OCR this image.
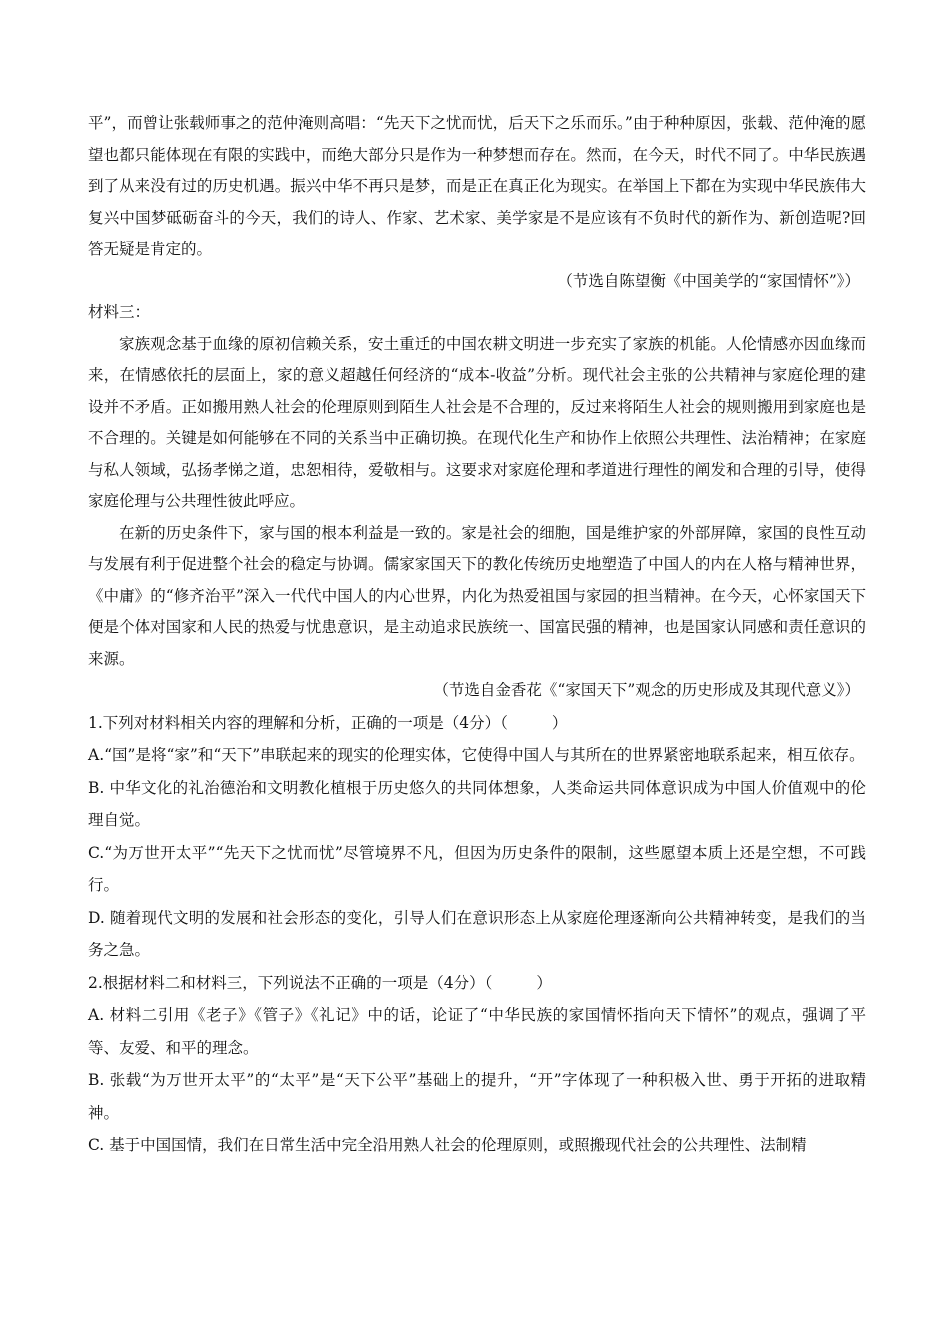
平”，而曾让张载师事之的范仲淹则高唱：“先天下之忧而忧，后天下之乐而乐。”由于种种原因，张载、范仲淹的愿望也都只能体现在有限的实践中，而绝大部分只是作为一种梦想而存在。然而，在今天，时代不同了。中华民族遇到了从来没有过的历史机遇。振兴中华不再只是梦，而是正在真正化为现实。在举国上下都在为实现中华民族伟大复兴中国梦砥砺奋斗的今天，我们的诗人、作家、艺术家、美学家是不是应该有不负时代的新作为、新创造呢?回答无疑是肯定的。

（节选自陈望衡《中国美学的“家国情怀”》）

材料三：

家族观念基于血缘的原初信赖关系，安土重迁的中国农耕文明进一步充实了家族的机能。人伦情感亦因血缘而来，在情感依托的层面上，家的意义超越任何经济的“成本-收益”分析。现代社会主张的公共精神与家庭伦理的建设并不矛盾。正如搬用熟人社会的伦理原则到陌生人社会是不合理的，反过来将陌生人社会的规则搬用到家庭也是不合理的。关键是如何能够在不同的关系当中正确切换。在现代化生产和协作上依照公共理性、法治精神；在家庭与私人领域，弘扬孝悌之道，忠恕相待，爱敬相与。这要求对家庭伦理和孝道进行理性的阐发和合理的引导，使得家庭伦理与公共理性彼此呼应。

在新的历史条件下，家与国的根本利益是一致的。家是社会的细胞，国是维护家的外部屏障，家国的良性互动与发展有利于促进整个社会的稳定与协调。儒家家国天下的教化传统历史地塑造了中国人的内在人格与精神世界，《中庸》的“修齐治平”深入一代代中国人的内心世界，内化为热爱祖国与家园的担当精神。在今天，心怀家国天下便是个体对国家和人民的热爱与忧患意识，是主动追求民族统一、国富民强的精神，也是国家认同感和责任意识的来源。

（节选自金香花《“家国天下”观念的历史形成及其现代意义》）

1.下列对材料相关内容的理解和分析，正确的一项是（4分）（	）

A.“国”是将“家”和“天下”串联起来的现实的伦理实体，它使得中国人与其所在的世界紧密地联系起来，相互依存。

B. 中华文化的礼治德治和文明教化植根于历史悠久的共同体想象，人类命运共同体意识成为中国人价值观中的伦理自觉。

C.“为万世开太平”“先天下之忧而忧”尽管境界不凡，但因为历史条件的限制，这些愿望本质上还是空想，不可践行。

D. 随着现代文明的发展和社会形态的变化，引导人们在意识形态上从家庭伦理逐渐向公共精神转变，是我们的当务之急。

2.根据材料二和材料三，下列说法不正确的一项是（4分）（	）

A. 材料二引用《老子》《管子》《礼记》中的话，论证了“中华民族的家国情怀指向天下情怀”的观点，强调了平等、友爱、和平的理念。

B. 张载“为万世开太平”的“太平”是“天下公平”基础上的提升，“开”字体现了一种积极入世、勇于开拓的进取精神。

C. 基于中国国情，我们在日常生活中完全沿用熟人社会的伦理原则，或照搬现代社会的公共理性、法制精
